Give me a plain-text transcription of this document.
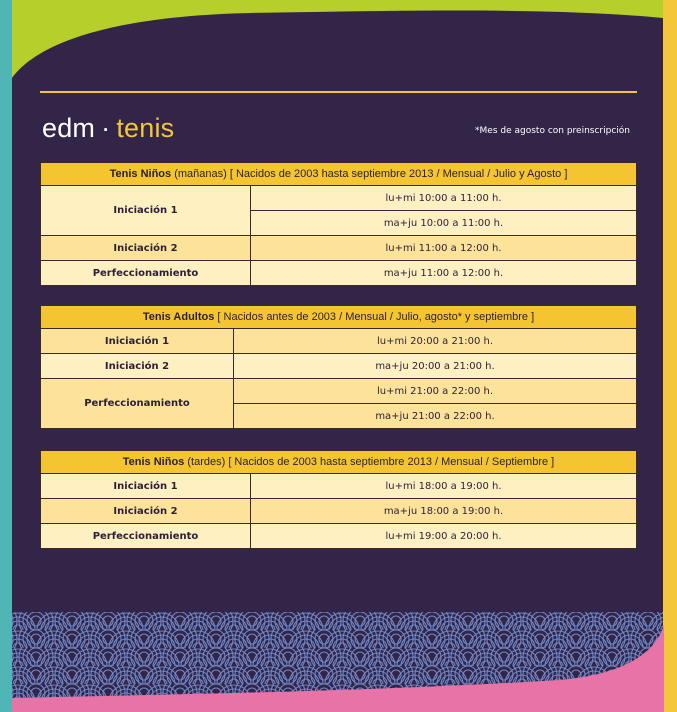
edm · tenis	*Mes de agosto con preinscripción
Tenis Niños (mañanas) [ Nacidos de 2003 hasta septiembre 2013 / Mensual / Julio y Agosto ]	
Iniciación 1	lu+mi 10:00 a 11:00 h.
	ma+ju 10:00 a 11:00 h.
Iniciación 2	lu+mi 11:00 a 12:00 h.
Perfeccionamiento	ma+ju 11:00 a 12:00 h.
Tenis Adultos [ Nacidos antes de 2003 / Mensual / Julio, agosto* y septiembre ]	
Iniciación 1	lu+mi 20:00 a 21:00 h.
Iniciación 2	ma+ju 20:00 a 21:00 h.
Perfeccionamiento	lu+mi 21:00 a 22:00 h.
	ma+ju 21:00 a 22:00 h.
Tenis Niños (tardes) [ Nacidos de 2003 hasta septiembre 2013 / Mensual / Septiembre ]	
Iniciación 1	lu+mi 18:00 a 19:00 h.
Iniciación 2	ma+ju 18:00 a 19:00 h.
Perfeccionamiento	lu+mi 19:00 a 20:00 h.
